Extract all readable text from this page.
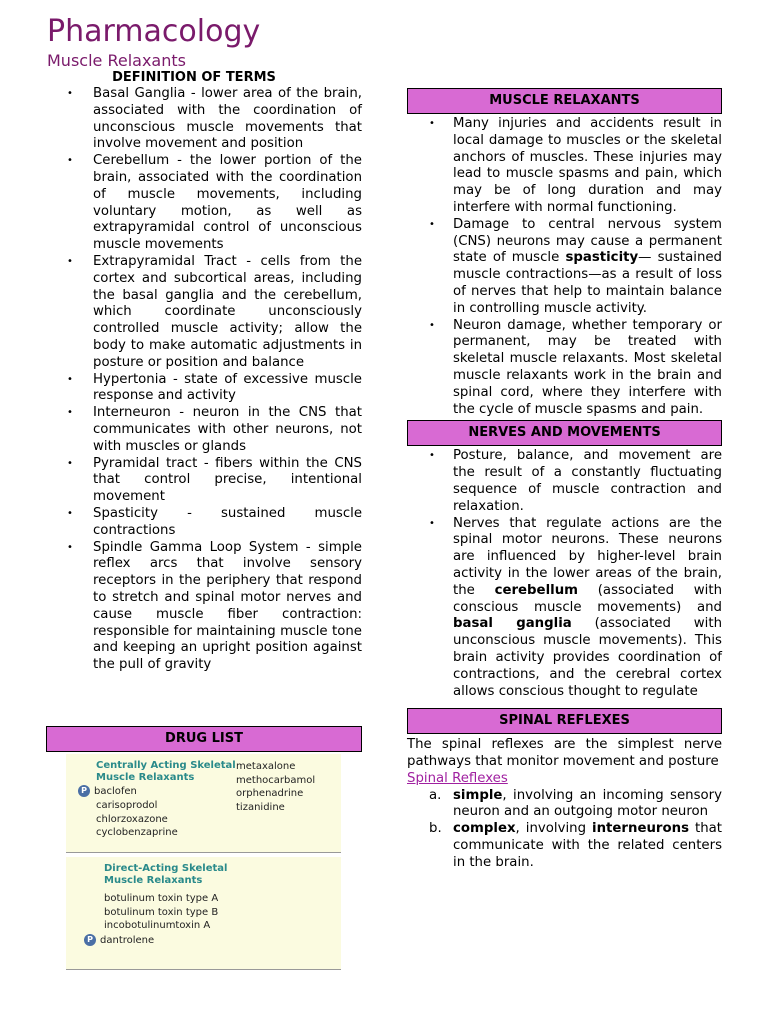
Pharmacology
Muscle Relaxants
DEFINITION OF TERMS
• Basal Ganglia - lower area of the brain, associated with the coordination of unconscious muscle movements that involve movement and position
• Cerebellum - the lower portion of the brain, associated with the coordination of muscle movements, including voluntary motion, as well as extrapyramidal control of unconscious muscle movements
• Extrapyramidal Tract - cells from the cortex and subcortical areas, including the basal ganglia and the cerebellum, which coordinate unconsciously controlled muscle activity; allow the body to make automatic adjustments in posture or position and balance
• Hypertonia - state of excessive muscle response and activity
• Interneuron - neuron in the CNS that communicates with other neurons, not with muscles or glands
• Pyramidal tract - fibers within the CNS that control precise, intentional movement
• Spasticity - sustained muscle contractions
• Spindle Gamma Loop System - simple reflex arcs that involve sensory receptors in the periphery that respond to stretch and spinal motor nerves and cause muscle fiber contraction: responsible for maintaining muscle tone and keeping an upright position against the pull of gravity
DRUG LIST
Centrally Acting Skeletal
Muscle Relaxants
P baclofen
carisoprodol
chlorzoxazone
cyclobenzaprine
metaxalone
methocarbamol
orphenadrine
tizanidine
Direct-Acting Skeletal
Muscle Relaxants
botulinum toxin type A
botulinum toxin type B
incobotulinumtoxin A
P dantrolene
MUSCLE RELAXANTS
• Many injuries and accidents result in local damage to muscles or the skeletal anchors of muscles. These injuries may lead to muscle spasms and pain, which may be of long duration and may interfere with normal functioning.
• Damage to central nervous system (CNS) neurons may cause a permanent state of muscle spasticity— sustained muscle contractions—as a result of loss of nerves that help to maintain balance in controlling muscle activity.
• Neuron damage, whether temporary or permanent, may be treated with skeletal muscle relaxants. Most skeletal muscle relaxants work in the brain and spinal cord, where they interfere with the cycle of muscle spasms and pain.
NERVES AND MOVEMENTS
• Posture, balance, and movement are the result of a constantly fluctuating sequence of muscle contraction and relaxation.
• Nerves that regulate actions are the spinal motor neurons. These neurons are influenced by higher-level brain activity in the lower areas of the brain, the cerebellum (associated with conscious muscle movements) and basal ganglia (associated with unconscious muscle movements). This brain activity provides coordination of contractions, and the cerebral cortex allows conscious thought to regulate
SPINAL REFLEXES
The spinal reflexes are the simplest nerve pathways that monitor movement and posture
Spinal Reflexes
a. simple, involving an incoming sensory neuron and an outgoing motor neuron
b. complex, involving interneurons that communicate with the related centers in the brain.
